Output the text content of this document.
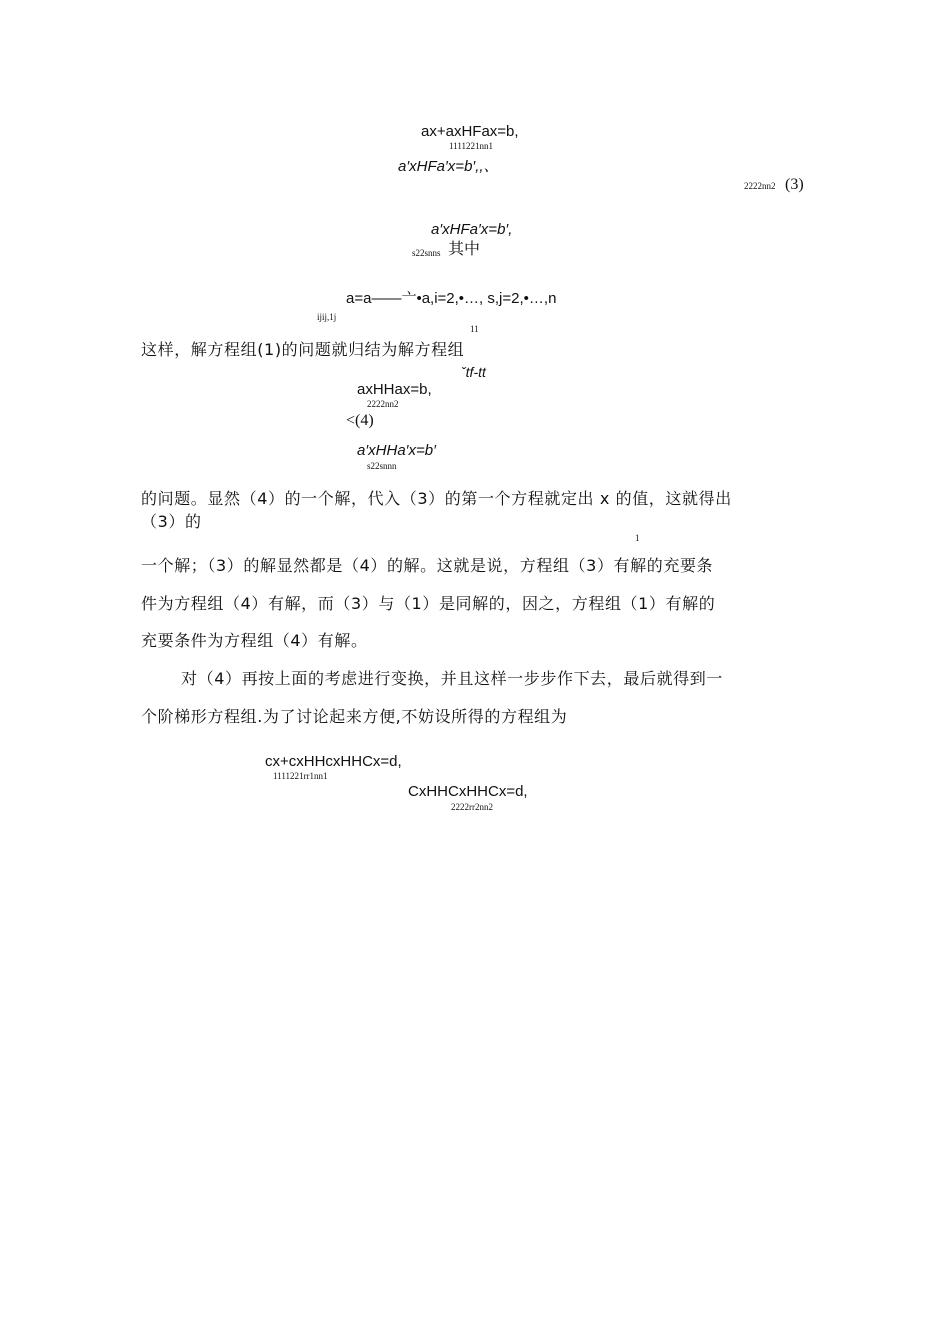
ax+axHFax=b,
1111221nn1
a′xHFa′x=b′,,、
2222nn2 (3)
a′xHFa′x=b′,
s22snns 其中
a=a——亠•a,i=2,•…, s,j=2,•…,n
ijij,1j
11
这样，解方程组(1)的问题就归结为解方程组
ˇtf-tt
axHHax=b,
2222nn2
<(4)
a′xHHa′x=b′
s22snnn
的问题。显然（4）的一个解，代入（3）的第一个方程就定出 x 的值，这就得出
（3）的
1
一个解；（3）的解显然都是（4）的解。这就是说，方程组（3）有解的充要条
件为方程组（4）有解，而（3）与（1）是同解的，因之，方程组（1）有解的
充要条件为方程组（4）有解。
对（4）再按上面的考虑进行变换，并且这样一步步作下去，最后就得到一
个阶梯形方程组.为了讨论起来方便,不妨设所得的方程组为
cx+cxHHcxHHCx=d,
1111221rr1nn1
CxHHCxHHCx=d,
2222rr2nn2
